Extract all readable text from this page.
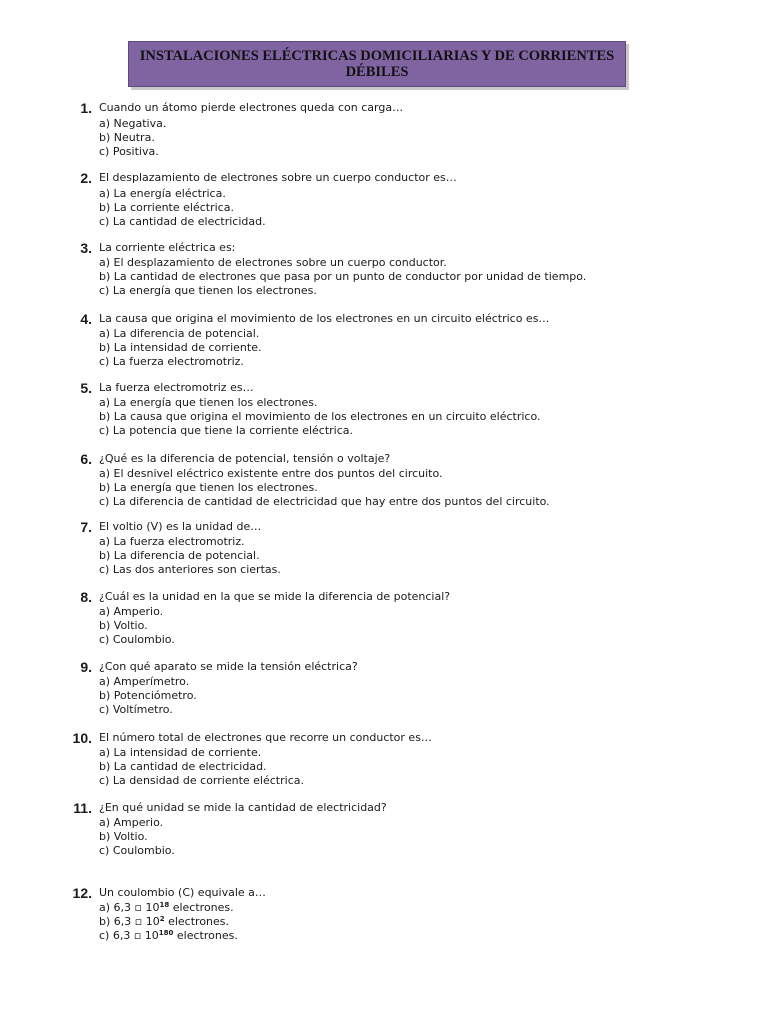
INSTALACIONES ELÉCTRICAS DOMICILIARIAS Y DE CORRIENTES DÉBILES
1. Cuando un átomo pierde electrones queda con carga…
a) Negativa.
b) Neutra.
c) Positiva.
2. El desplazamiento de electrones sobre un cuerpo conductor es…
a) La energía eléctrica.
b) La corriente eléctrica.
c) La cantidad de electricidad.
3. La corriente eléctrica es:
a) El desplazamiento de electrones sobre un cuerpo conductor.
b) La cantidad de electrones que pasa por un punto de conductor por unidad de tiempo.
c) La energía que tienen los electrones.
4. La causa que origina el movimiento de los electrones en un circuito eléctrico es…
a) La diferencia de potencial.
b) La intensidad de corriente.
c) La fuerza electromotriz.
5. La fuerza electromotriz es…
a) La energía que tienen los electrones.
b) La causa que origina el movimiento de los electrones en un circuito eléctrico.
c) La potencia que tiene la corriente eléctrica.
6. ¿Qué es la diferencia de potencial, tensión o voltaje?
a) El desnivel eléctrico existente entre dos puntos del circuito.
b) La energía que tienen los electrones.
c) La diferencia de cantidad de electricidad que hay entre dos puntos del circuito.
7. El voltio (V) es la unidad de…
a) La fuerza electromotriz.
b) La diferencia de potencial.
c) Las dos anteriores son ciertas.
8. ¿Cuál es la unidad en la que se mide la diferencia de potencial?
a) Amperio.
b) Voltio.
c) Coulombio.
9. ¿Con qué aparato se mide la tensión eléctrica?
a) Amperímetro.
b) Potenciómetro.
c) Voltímetro.
10. El número total de electrones que recorre un conductor es…
a) La intensidad de corriente.
b) La cantidad de electricidad.
c) La densidad de corriente eléctrica.
11. ¿En qué unidad se mide la cantidad de electricidad?
a) Amperio.
b) Voltio.
c) Coulombio.
12. Un coulombio (C) equivale a…
a) 6,3 ▫ $10^{18}$ electrones.
b) 6,3 ▫ $10^2$ electrones.
c) 6,3 ▫ $10^{180}$ electrones.
